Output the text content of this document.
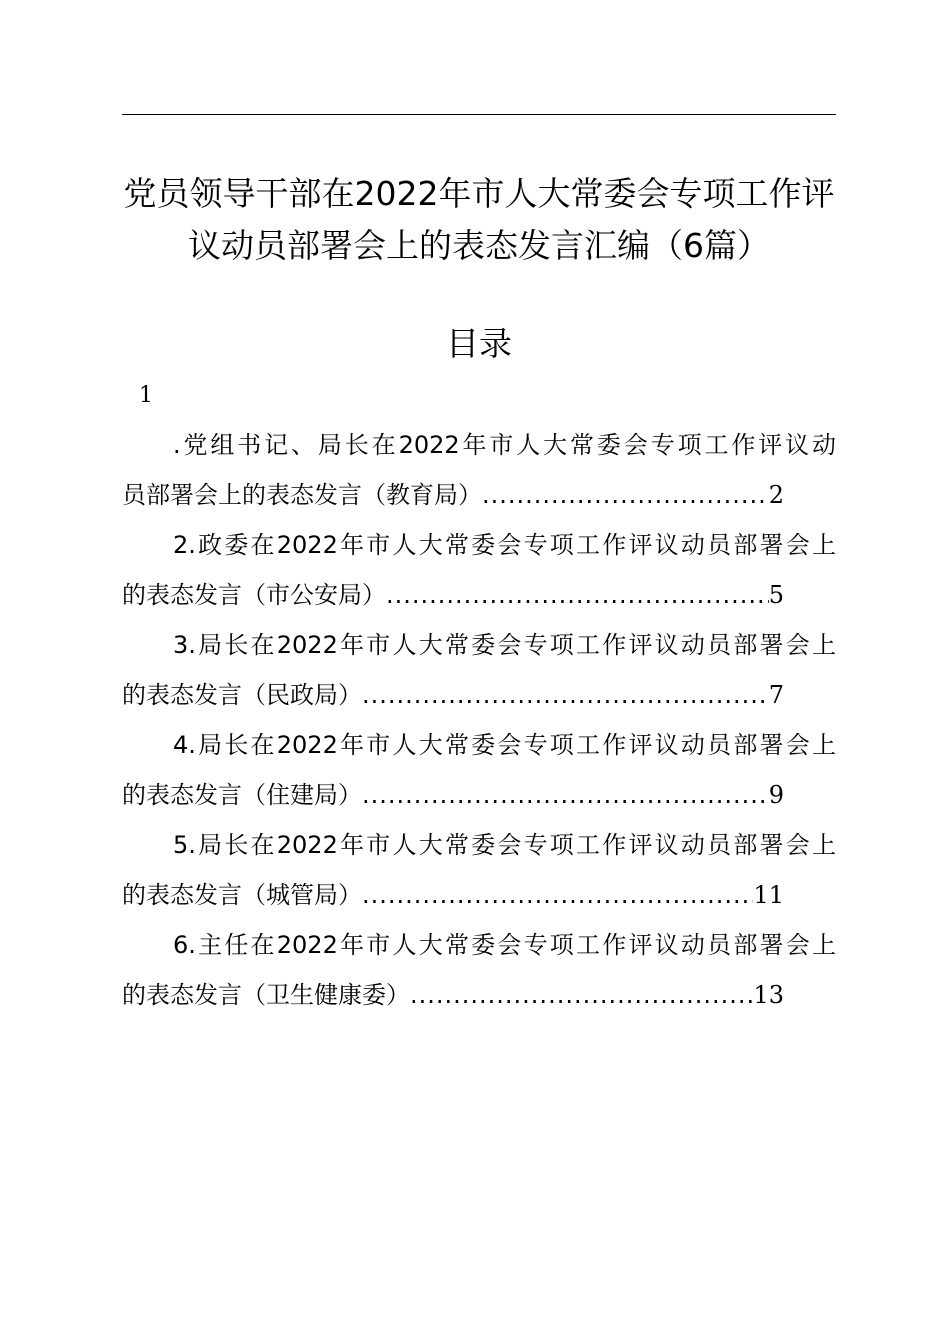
党员领导干部在2022年市人大常委会专项工作评议动员部署会上的表态发言汇编（6篇）
目录
1
.党组书记、局长在2022年市人大常委会专项工作评议动
员部署会上的表态发言（教育局） .....	2
2.政委在2022年市人大常委会专项工作评议动员部署会上
的表态发言（市公安局） .....	5
3.局长在2022年市人大常委会专项工作评议动员部署会上
的表态发言（民政局） .....	7
4.局长在2022年市人大常委会专项工作评议动员部署会上
的表态发言（住建局） .....	9
5.局长在2022年市人大常委会专项工作评议动员部署会上
的表态发言（城管局） .....	11
6.主任在2022年市人大常委会专项工作评议动员部署会上
的表态发言（卫生健康委） .....	13
